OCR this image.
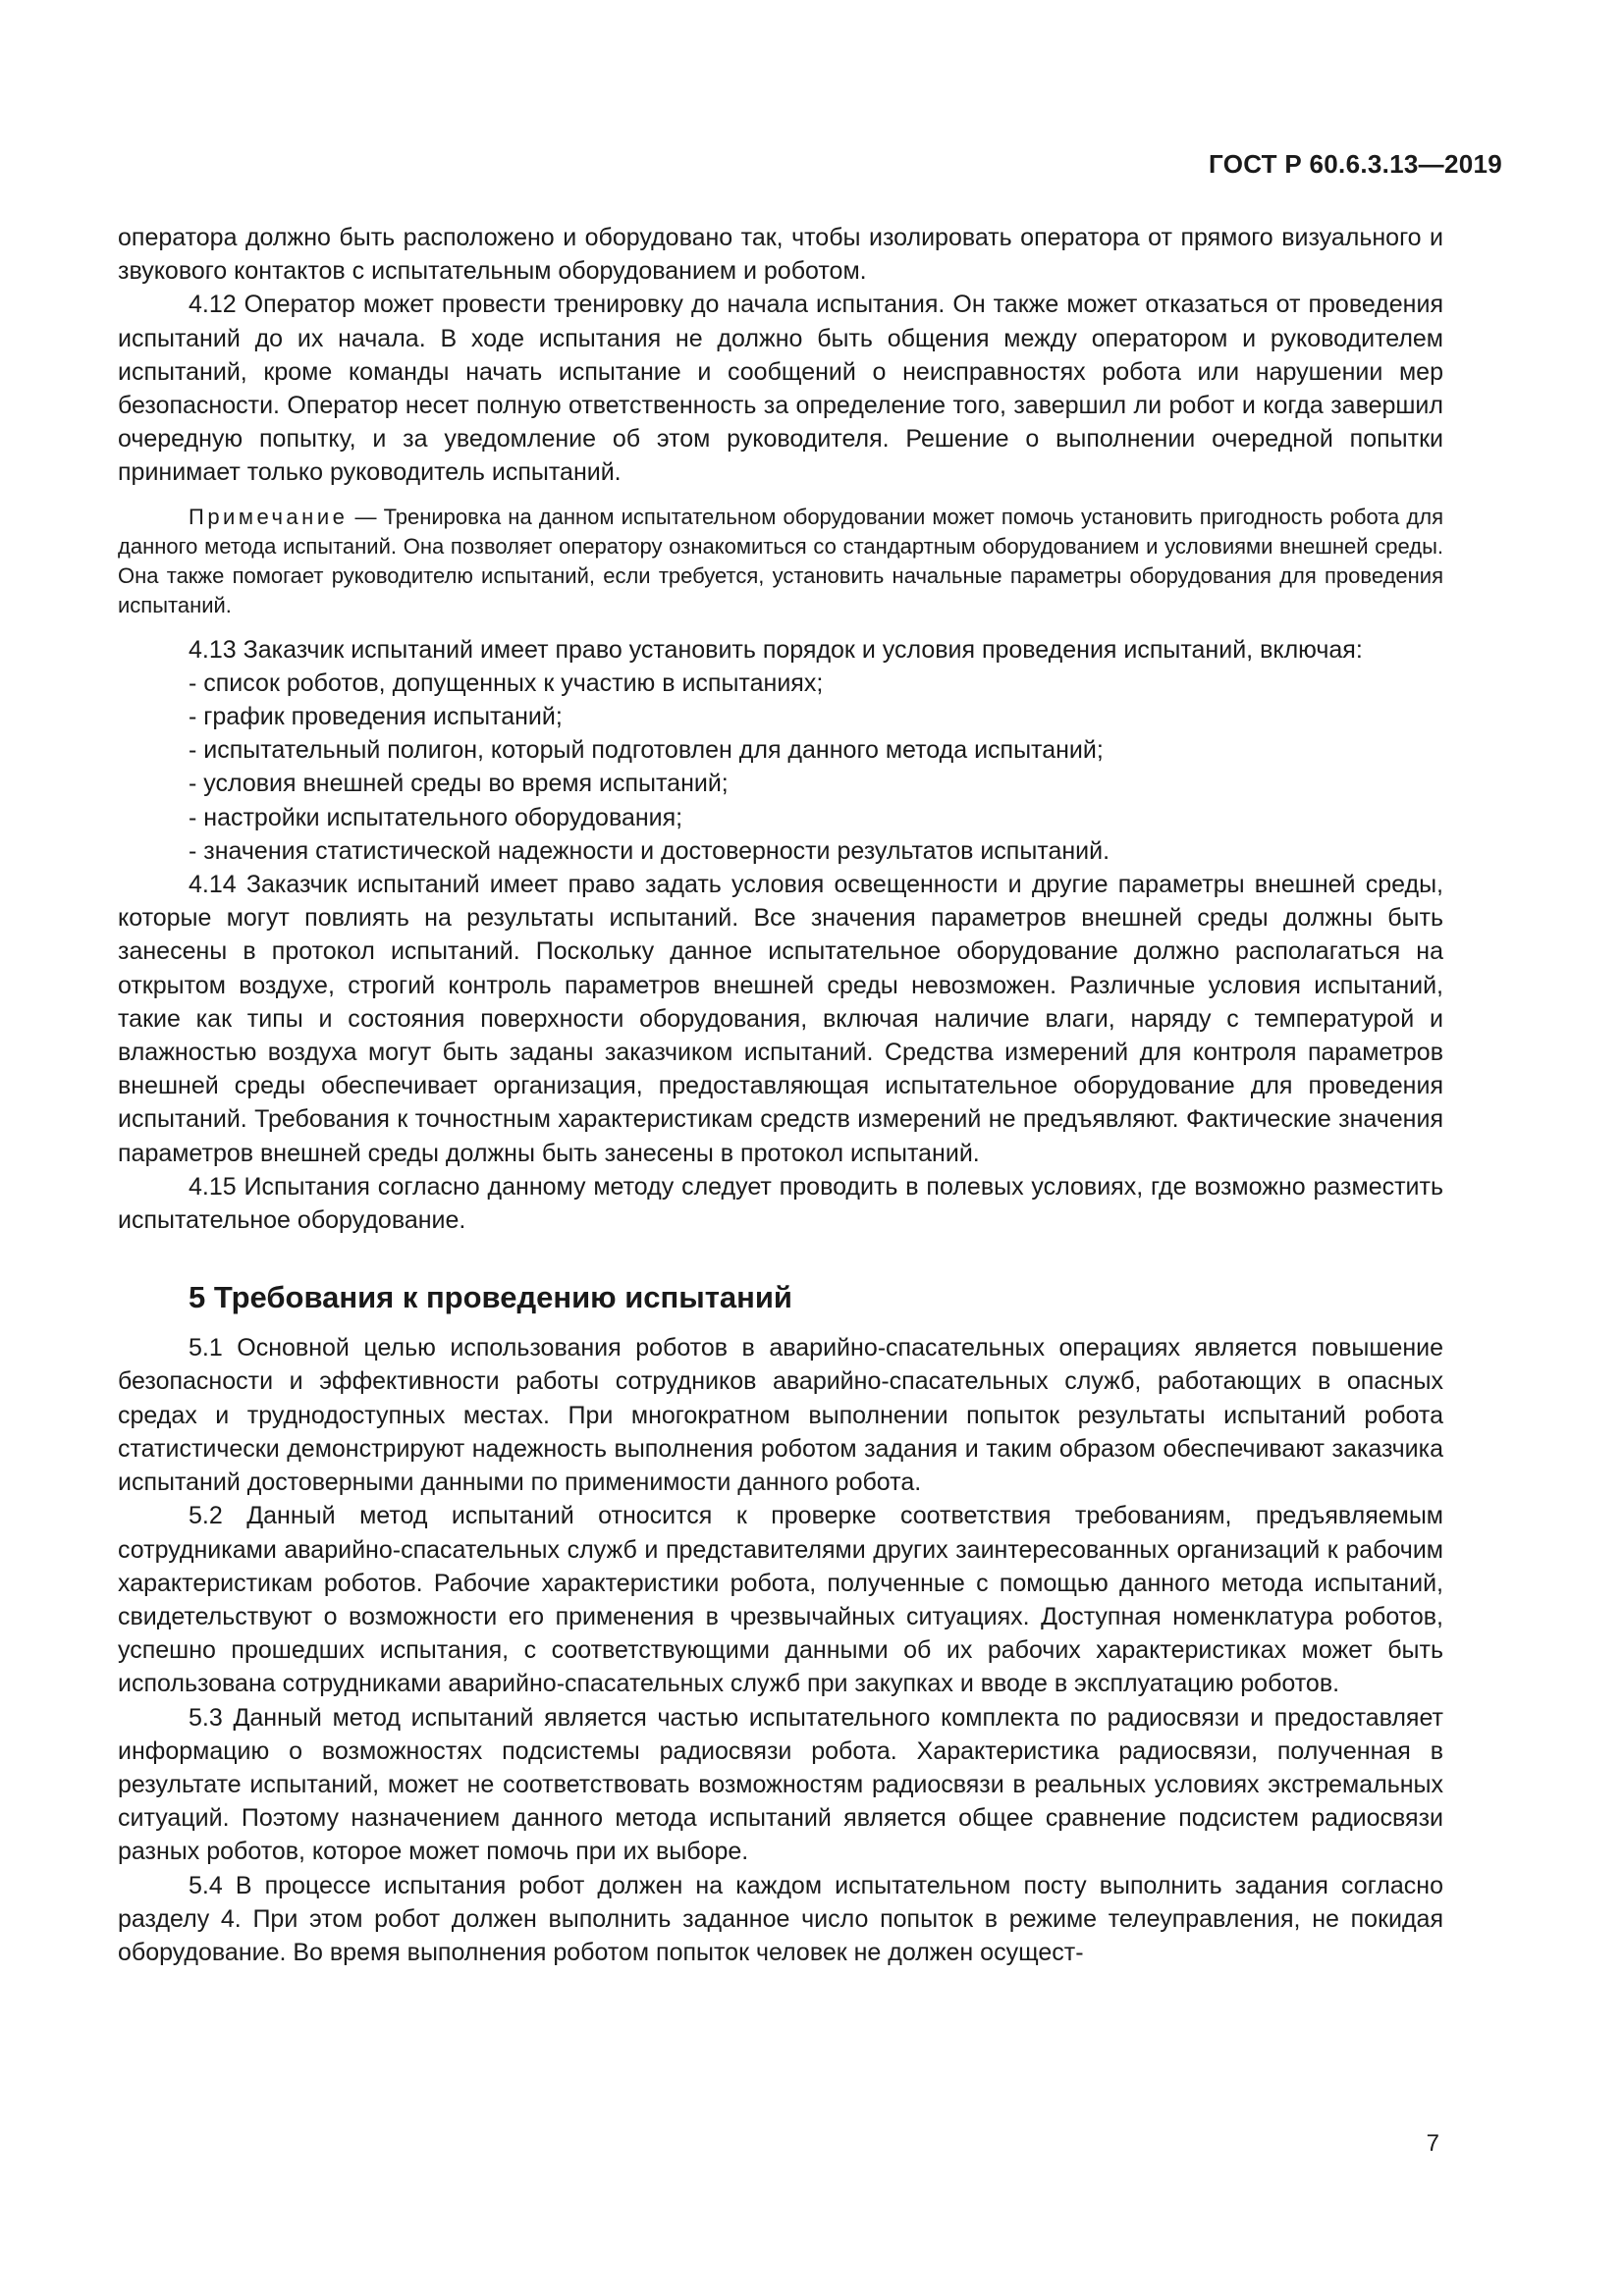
ГОСТ Р 60.6.3.13—2019

оператора должно быть расположено и оборудовано так, чтобы изолировать оператора от прямого визуального и звукового контактов с испытательным оборудованием и роботом.

4.12 Оператор может провести тренировку до начала испытания. Он также может отказаться от проведения испытаний до их начала. В ходе испытания не должно быть общения между оператором и руководителем испытаний, кроме команды начать испытание и сообщений о неисправностях робота или нарушении мер безопасности. Оператор несет полную ответственность за определение того, завершил ли робот и когда завершил очередную попытку, и за уведомление об этом руководителя. Решение о выполнении очередной попытки принимает только руководитель испытаний.

Примечание — Тренировка на данном испытательном оборудовании может помочь установить пригодность робота для данного метода испытаний. Она позволяет оператору ознакомиться со стандартным оборудованием и условиями внешней среды. Она также помогает руководителю испытаний, если требуется, установить начальные параметры оборудования для проведения испытаний.

4.13 Заказчик испытаний имеет право установить порядок и условия проведения испытаний, включая:

- список роботов, допущенных к участию в испытаниях;
- график проведения испытаний;
- испытательный полигон, который подготовлен для данного метода испытаний;
- условия внешней среды во время испытаний;
- настройки испытательного оборудования;
- значения статистической надежности и достоверности результатов испытаний.

4.14 Заказчик испытаний имеет право задать условия освещенности и другие параметры внешней среды, которые могут повлиять на результаты испытаний. Все значения параметров внешней среды должны быть занесены в протокол испытаний. Поскольку данное испытательное оборудование должно располагаться на открытом воздухе, строгий контроль параметров внешней среды невозможен. Различные условия испытаний, такие как типы и состояния поверхности оборудования, включая наличие влаги, наряду с температурой и влажностью воздуха могут быть заданы заказчиком испытаний. Средства измерений для контроля параметров внешней среды обеспечивает организация, предоставляющая испытательное оборудование для проведения испытаний. Требования к точностным характеристикам средств измерений не предъявляют. Фактические значения параметров внешней среды должны быть занесены в протокол испытаний.

4.15 Испытания согласно данному методу следует проводить в полевых условиях, где возможно разместить испытательное оборудование.

5 Требования к проведению испытаний

5.1 Основной целью использования роботов в аварийно-спасательных операциях является повышение безопасности и эффективности работы сотрудников аварийно-спасательных служб, работающих в опасных средах и труднодоступных местах. При многократном выполнении попыток результаты испытаний робота статистически демонстрируют надежность выполнения роботом задания и таким образом обеспечивают заказчика испытаний достоверными данными по применимости данного робота.

5.2 Данный метод испытаний относится к проверке соответствия требованиям, предъявляемым сотрудниками аварийно-спасательных служб и представителями других заинтересованных организаций к рабочим характеристикам роботов. Рабочие характеристики робота, полученные с помощью данного метода испытаний, свидетельствуют о возможности его применения в чрезвычайных ситуациях. Доступная номенклатура роботов, успешно прошедших испытания, с соответствующими данными об их рабочих характеристиках может быть использована сотрудниками аварийно-спасательных служб при закупках и вводе в эксплуатацию роботов.

5.3 Данный метод испытаний является частью испытательного комплекта по радиосвязи и предоставляет информацию о возможностях подсистемы радиосвязи робота. Характеристика радиосвязи, полученная в результате испытаний, может не соответствовать возможностям радиосвязи в реальных условиях экстремальных ситуаций. Поэтому назначением данного метода испытаний является общее сравнение подсистем радиосвязи разных роботов, которое может помочь при их выборе.

5.4 В процессе испытания робот должен на каждом испытательном посту выполнить задания согласно разделу 4. При этом робот должен выполнить заданное число попыток в режиме телеуправления, не покидая оборудование. Во время выполнения роботом попыток человек не должен осущест-

7
